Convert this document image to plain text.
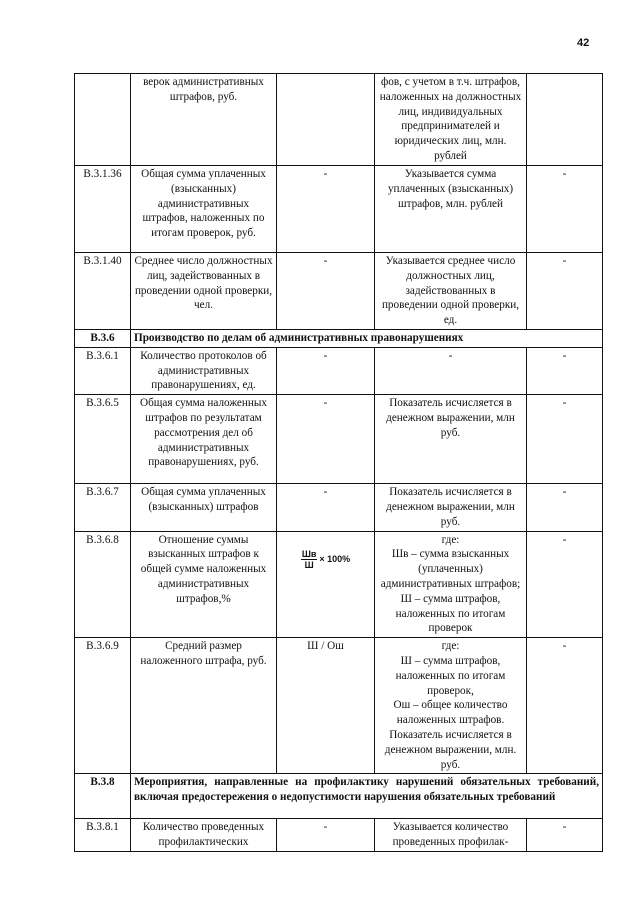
42
	верок административных штрафов, руб.		фов, с учетом в т.ч. штрафов, наложенных на должностных лиц, индивидуальных предпринимателей и юридических лиц, млн. рублей	
В.3.1.36	Общая сумма уплаченных (взысканных) административных штрафов, наложенных по итогам проверок, руб.	-	Указывается сумма уплаченных (взысканных) штрафов, млн. рублей	-
В.3.1.40	Среднее число должностных лиц, задействованных в проведении одной проверки, чел.	-	Указывается среднее число должностных лиц, задействованных в проведении одной проверки, ед.	-
В.3.6	Производство по делам об административных правонарушениях			
В.3.6.1	Количество протоколов об административных правонарушениях, ед.	-	-	-
В.3.6.5	Общая сумма наложенных штрафов по результатам рассмотрения дел об административных правонарушениях, руб.	-	Показатель исчисляется в денежном выражении, млн руб.	-
В.3.6.7	Общая сумма уплаченных (взысканных) штрафов	-	Показатель исчисляется в денежном выражении, млн руб.	-
В.3.6.8	Отношение суммы взысканных штрафов к общей сумме наложенных административных штрафов,%	$\frac{Шв}{Ш} \times 100\%$	где:
Шв – сумма взысканных (уплаченных) административных штрафов;
Ш – сумма штрафов, наложенных по итогам проверок	-
В.3.6.9	Средний размер наложенного штрафа, руб.	Ш / Ош	где:
Ш – сумма штрафов, наложенных по итогам проверок,
Ош – общее количество наложенных штрафов.
Показатель исчисляется в денежном выражении, млн. руб.	-
В.3.8	Мероприятия, направленные на профилактику нарушений обязательных требований, включая предостережения о недопустимости нарушения обязательных требований			
В.3.8.1	Количество проведенных профилактических	-	Указывается количество проведенных профилак-	-
